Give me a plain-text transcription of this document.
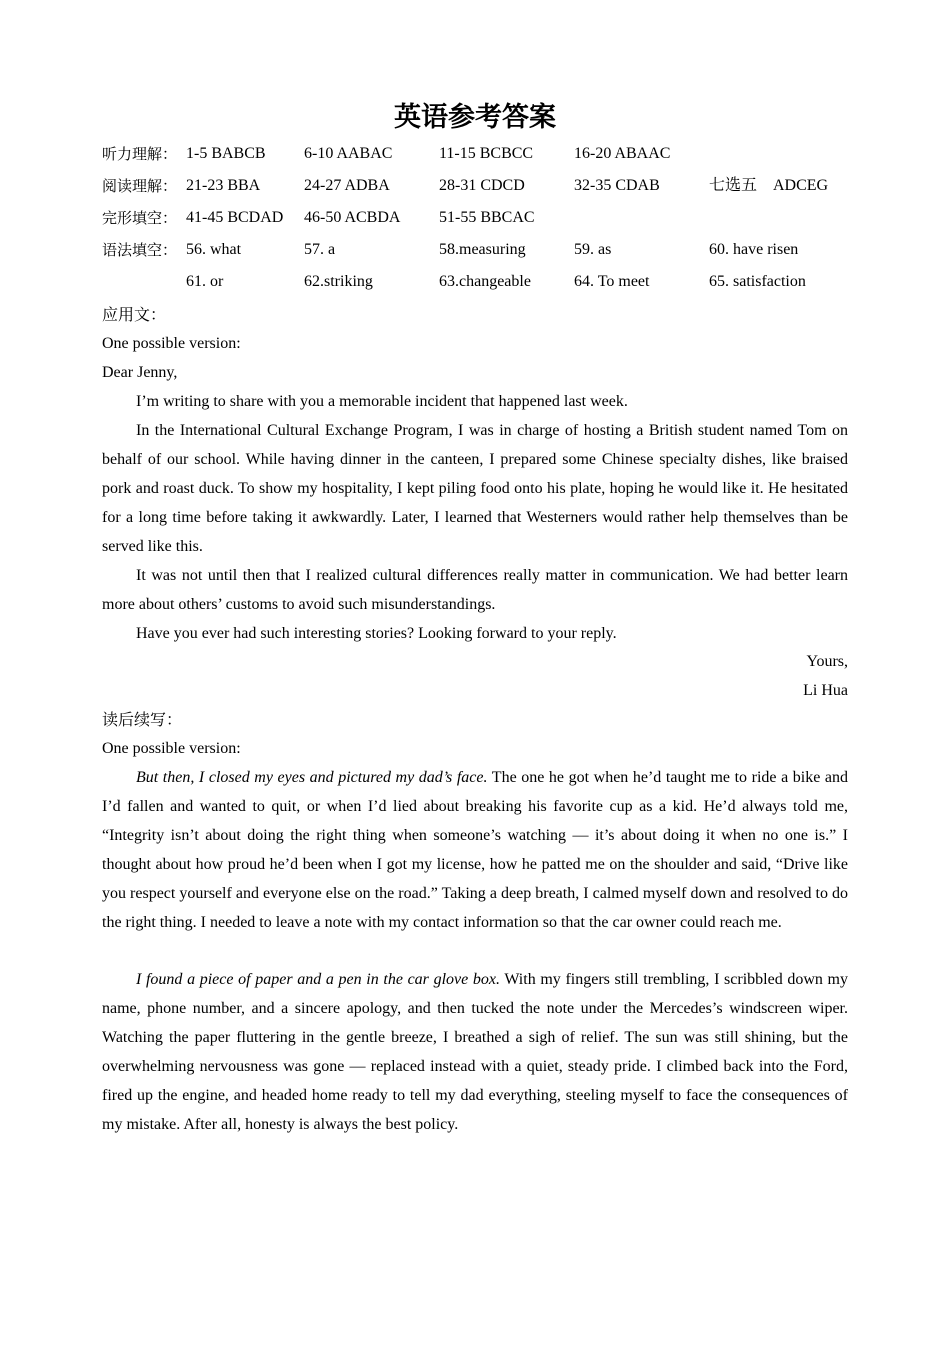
英语参考答案
听力理解： 1-5 BABCB 6-10 AABAC	11-15 BCBCC	16-20 ABAAC
阅读理解： 21-23 BBA	24-27 ADBA	28-31 CDCD	32-35 CDAB	七选五　ADCEG
完形填空： 41-45 BCDAD 46-50 ACBDA 51-55 BBCAC
语法填空： 56. what	57. a	58.measuring	59. as	60. have risen
61. or	62.striking	63.changeable	64. To meet	65. satisfaction
应用文：
One possible version:
Dear Jenny,

I’m writing to share with you a memorable incident that happened last week.

In the International Cultural Exchange Program, I was in charge of hosting a British student named Tom on behalf of our school. While having dinner in the canteen, I prepared some Chinese specialty dishes, like braised pork and roast duck. To show my hospitality, I kept piling food onto his plate, hoping he would like it. He hesitated for a long time before taking it awkwardly. Later, I learned that Westerners would rather help themselves than be served like this.

It was not until then that I realized cultural differences really matter in communication. We had better learn more about others’ customs to avoid such misunderstandings.

Have you ever had such interesting stories? Looking forward to your reply.

Yours,
Li Hua
读后续写：
One possible version:

But then, I closed my eyes and pictured my dad’s face. The one he got when he’d taught me to ride a bike and I’d fallen and wanted to quit, or when I’d lied about breaking his favorite cup as a kid. He’d always told me, “Integrity isn’t about doing the right thing when someone’s watching — it’s about doing it when no one is.” I thought about how proud he’d been when I got my license, how he patted me on the shoulder and said, “Drive like you respect yourself and everyone else on the road.” Taking a deep breath, I calmed myself down and resolved to do the right thing. I needed to leave a note with my contact information so that the car owner could reach me.

I found a piece of paper and a pen in the car glove box. With my fingers still trembling, I scribbled down my name, phone number, and a sincere apology, and then tucked the note under the Mercedes’s windscreen wiper. Watching the paper fluttering in the gentle breeze, I breathed a sigh of relief. The sun was still shining, but the overwhelming nervousness was gone — replaced instead with a quiet, steady pride. I climbed back into the Ford, fired up the engine, and headed home ready to tell my dad everything, steeling myself to face the consequences of my mistake. After all, honesty is always the best policy.
